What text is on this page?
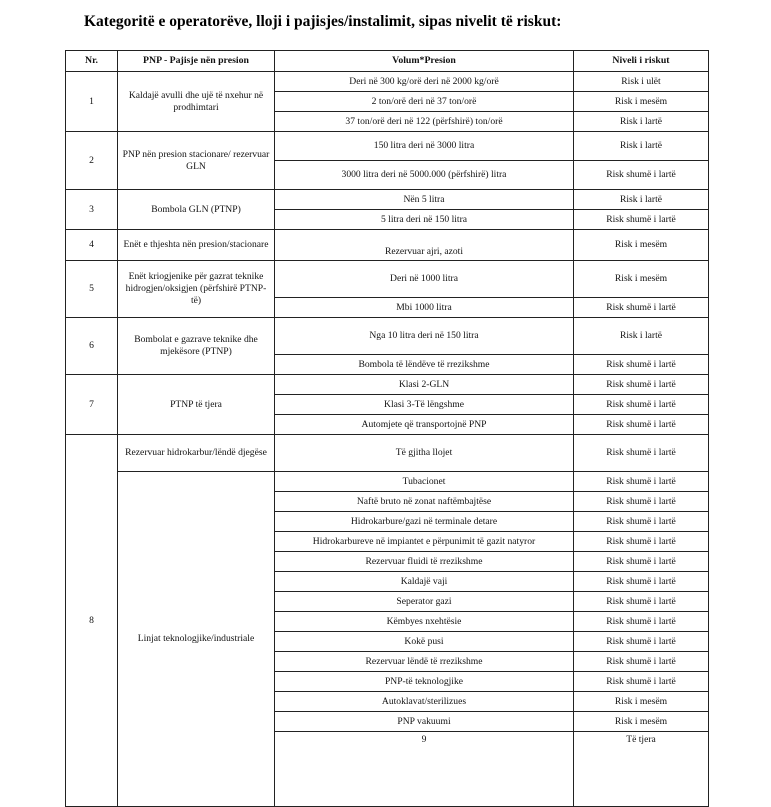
Kategoritë e operatorëve, lloji i pajisjes/instalimit, sipas nivelit të riskut:
Nr.	PNP - Pajisje nën presion	Volum*Presion	Niveli i riskut	
1	Kaldajë avulli dhe ujë të nxehur në prodhimtari	Deri në 300 kg/orë deri në 2000 kg/orë	Risk i ulët	
		2 ton/orë deri në 37 ton/orë	Risk i mesëm	
		37 ton/orë deri në 122 (përfshirë) ton/orë	Risk i lartë	
2	PNP nën presion stacionare/ rezervuar GLN	150 litra deri në 3000 litra	Risk i lartë	
		3000 litra deri në 5000.000 (përfshirë) litra	Risk shumë i lartë	
3	Bombola GLN (PTNP)	Nën 5 litra	Risk i lartë	
		5 litra deri në 150 litra	Risk shumë i lartë	
4	Enët e thjeshta nën presion/stacionare	Rezervuar ajri, azoti	Risk i mesëm	
5	Enët kriogjenike për gazrat teknike hidrogjen/oksigjen (përfshirë PTNP-të)	Deri në 1000 litra	Risk i mesëm	
		Mbi 1000 litra	Risk shumë i lartë	
6	Bombolat e gazrave teknike dhe mjekësore (PTNP)	Nga 10 litra deri në 150 litra	Risk i lartë	
		Bombola të lëndëve të rrezikshme	Risk shumë i lartë	
7	PTNP të tjera	Klasi 2-GLN	Risk shumë i lartë	
		Klasi 3-Të lëngshme	Risk shumë i lartë	
		Automjete që transportojnë PNP	Risk shumë i lartë	
8	Rezervuar hidrokarbur/lëndë djegëse	Të gjitha llojet	Risk shumë i lartë	
	Linjat teknologjike/industriale	Tubacionet	Risk shumë i lartë	
		Naftë bruto në zonat naftëmbajtëse	Risk shumë i lartë	
		Hidrokarbure/gazi në terminale detare	Risk shumë i lartë	
		Hidrokarbureve në impiantet e përpunimit të gazit natyror	Risk shumë i lartë	
		Rezervuar fluidi të rrezikshme	Risk shumë i lartë	
		Kaldajë vaji	Risk shumë i lartë	
		Seperator gazi	Risk shumë i lartë	
		Këmbyes nxehtësie	Risk shumë i lartë	
		Kokë pusi	Risk shumë i lartë	
		Rezervuar lëndë të rrezikshme	Risk shumë i lartë	
		PNP-të teknologjike	Risk shumë i lartë	
		Autoklavat/sterilizues	Risk i mesëm	
		PNP vakuumi	Risk i mesëm	
		9	Të tjera		
